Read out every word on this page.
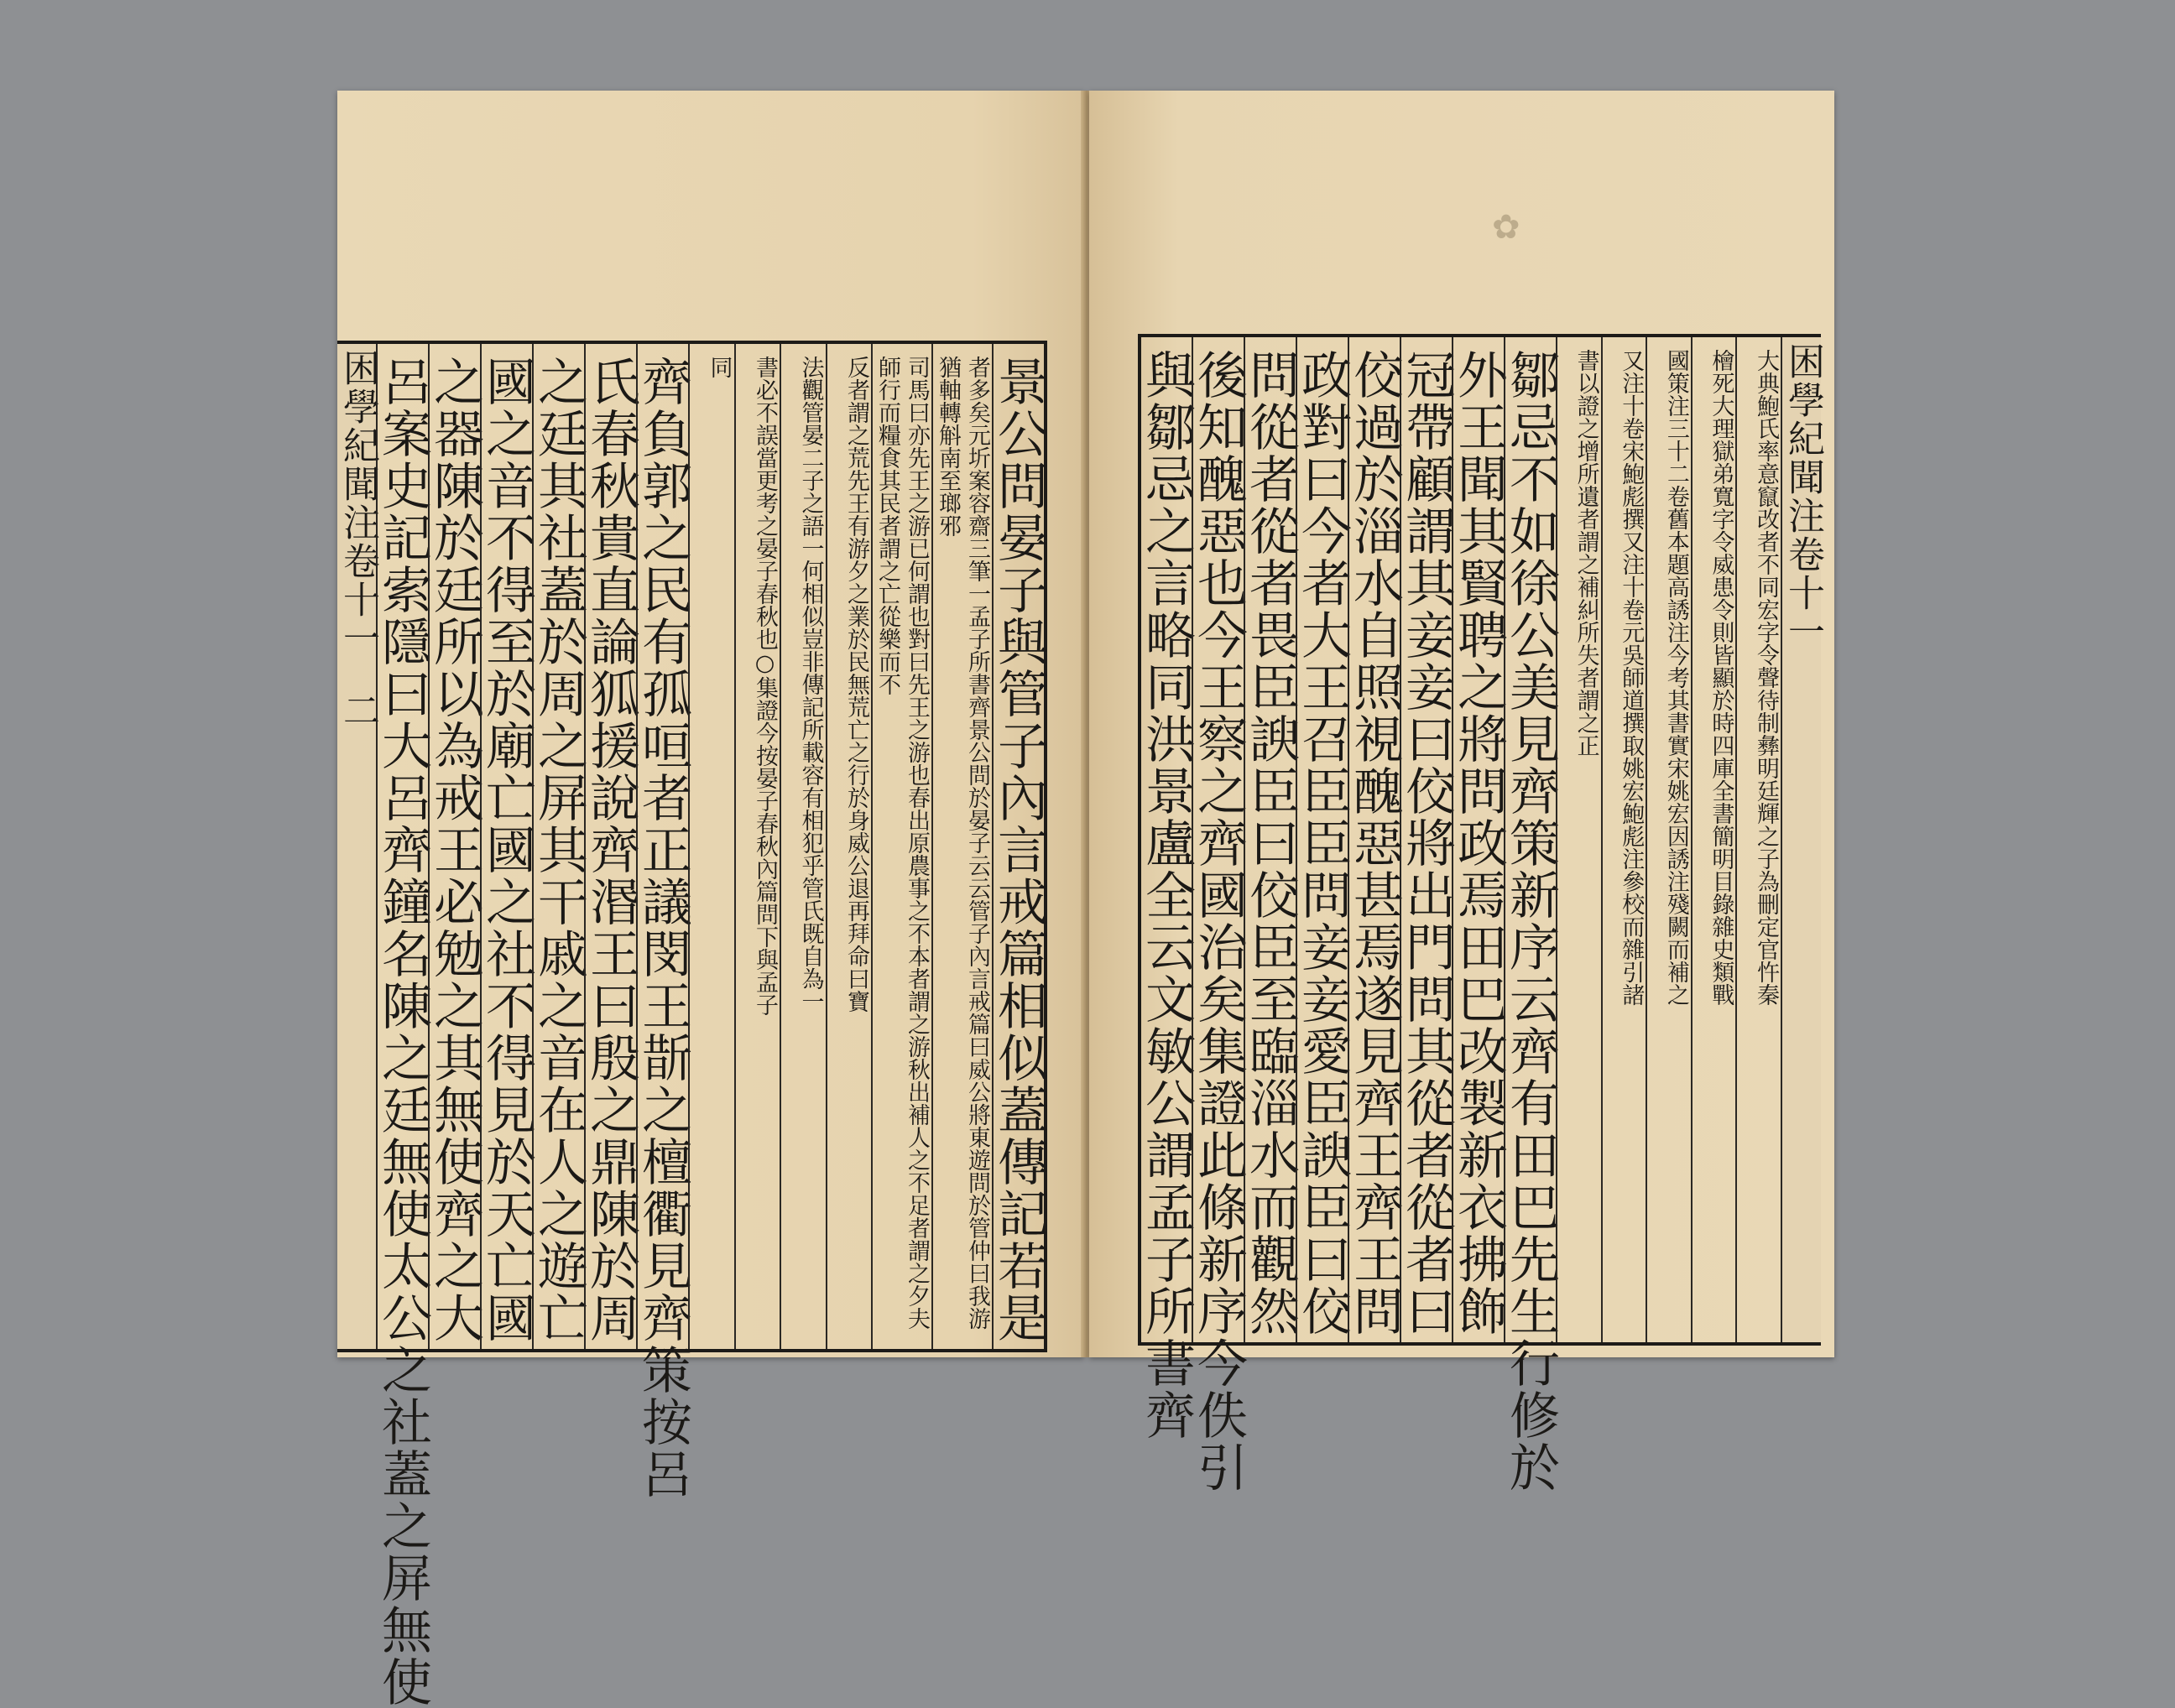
景公問晏子與管子內言戒篇相似蓋傳記若是
者多矣元圻案容齋三筆一孟子所書齊景公問於晏子云云管子內言戒篇曰威公將東遊問於管仲曰我游猶軸轉斛南至瑯邪
司馬曰亦先王之游已何謂也對曰先王之游也春出原農事之不本者謂之游秋出補人之不足者謂之夕夫師行而糧食其民者謂之亡從樂而不
反者謂之荒先王有游夕之業於民無荒亡之行於身威公退再拜命曰寶
法觀管晏二子之語一何相似豈非傳記所載容有相犯乎管氏既自為一
書必不誤當更考之晏子春秋也○集證今按晏子春秋內篇問下與孟子
同
齊負郭之民有孤咺者正議閔王斮之檀衢見齊策按呂
氏春秋貴直論狐援說齊湣王曰殷之鼎陳於周
之廷其社蓋於周之屏其干戚之音在人之遊亡
國之音不得至於廟亡國之社不得見於天亡國
之器陳於廷所以為戒王必勉之其無使齊之大
呂案史記索隱曰大呂齊鐘名陳之廷無使太公之社蓋之屏無使
困學紀聞注卷十一二
✿
困學紀聞注卷十一
大典鮑氏率意竄改者不同宏字令聲待制彝明廷輝之子為刪定官忤秦
檜死大理獄弟寬字令威患令則皆顯於時四庫全書簡明目錄雜史類戰
國策注三十二卷舊本題高誘注今考其書實宋姚宏因誘注殘闕而補之
又注十卷宋鮑彪撰又注十卷元吳師道撰取姚宏鮑彪注參校而雜引諸
書以證之增所遺者謂之補糾所失者謂之正
鄒忌不如徐公美見齊策新序云齊有田巴先生行修於
外王聞其賢聘之將問政焉田巴改製新衣拂飾
冠帶顧謂其妾妾曰佼將出門問其從者從者曰
佼過於淄水自照視醜惡甚焉遂見齊王齊王問
政對曰今者大王召臣臣問妾妾愛臣諛臣曰佼
問從者從者畏臣諛臣曰佼臣至臨淄水而觀然
後知醜惡也今王察之齊國治矣集證此條新序今佚引
與鄒忌之言略同洪景盧全云文敏公謂孟子所書齊
